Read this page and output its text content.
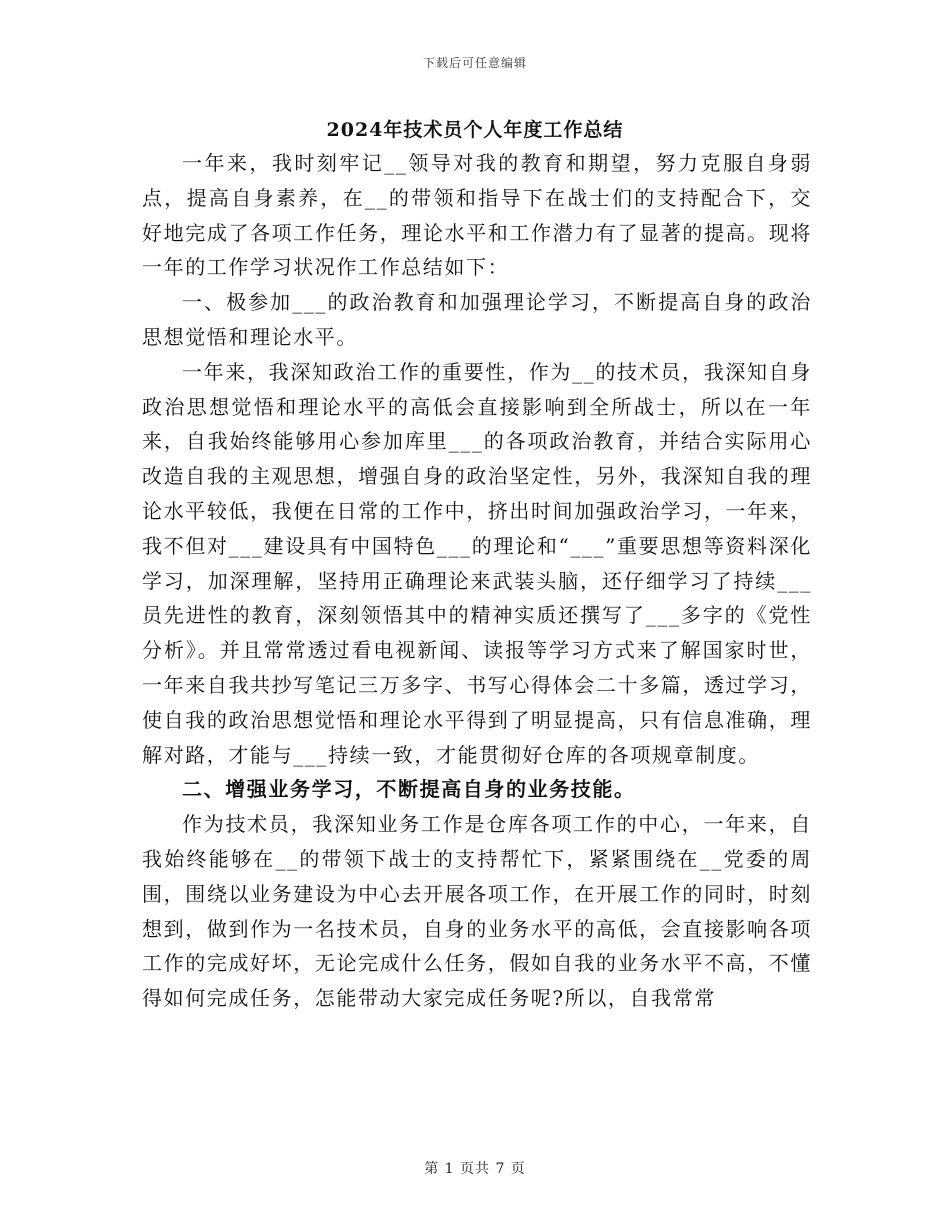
下载后可任意编辑
2024年技术员个人年度工作总结

一年来，我时刻牢记__领导对我的教育和期望，努力克服自身弱点，提高自身素养，在__的带领和指导下在战士们的支持配合下，交好地完成了各项工作任务，理论水平和工作潜力有了显著的提高。现将一年的工作学习状况作工作总结如下：

一、极参加___的政治教育和加强理论学习，不断提高自身的政治思想觉悟和理论水平。

一年来，我深知政治工作的重要性，作为__的技术员，我深知自身政治思想觉悟和理论水平的高低会直接影响到全所战士，所以在一年来，自我始终能够用心参加库里___的各项政治教育，并结合实际用心改造自我的主观思想，增强自身的政治坚定性，另外，我深知自我的理论水平较低，我便在日常的工作中，挤出时间加强政治学习，一年来，我不但对___建设具有中国特色___的理论和“___”重要思想等资料深化学习，加深理解，坚持用正确理论来武装头脑，还仔细学习了持续___员先进性的教育，深刻领悟其中的精神实质还撰写了___多字的《党性分析》。并且常常透过看电视新闻、读报等学习方式来了解国家时世，一年来自我共抄写笔记三万多字、书写心得体会二十多篇，透过学习，使自我的政治思想觉悟和理论水平得到了明显提高，只有信息准确，理解对路，才能与___持续一致，才能贯彻好仓库的各项规章制度。

二、增强业务学习，不断提高自身的业务技能。

作为技术员，我深知业务工作是仓库各项工作的中心，一年来，自我始终能够在__的带领下战士的支持帮忙下，紧紧围绕在__党委的周围，围绕以业务建设为中心去开展各项工作，在开展工作的同时，时刻想到，做到作为一名技术员，自身的业务水平的高低，会直接影响各项工作的完成好坏，无论完成什么任务，假如自我的业务水平不高，不懂得如何完成任务，怎能带动大家完成任务呢?所以，自我常常

第 1 页共 7 页
